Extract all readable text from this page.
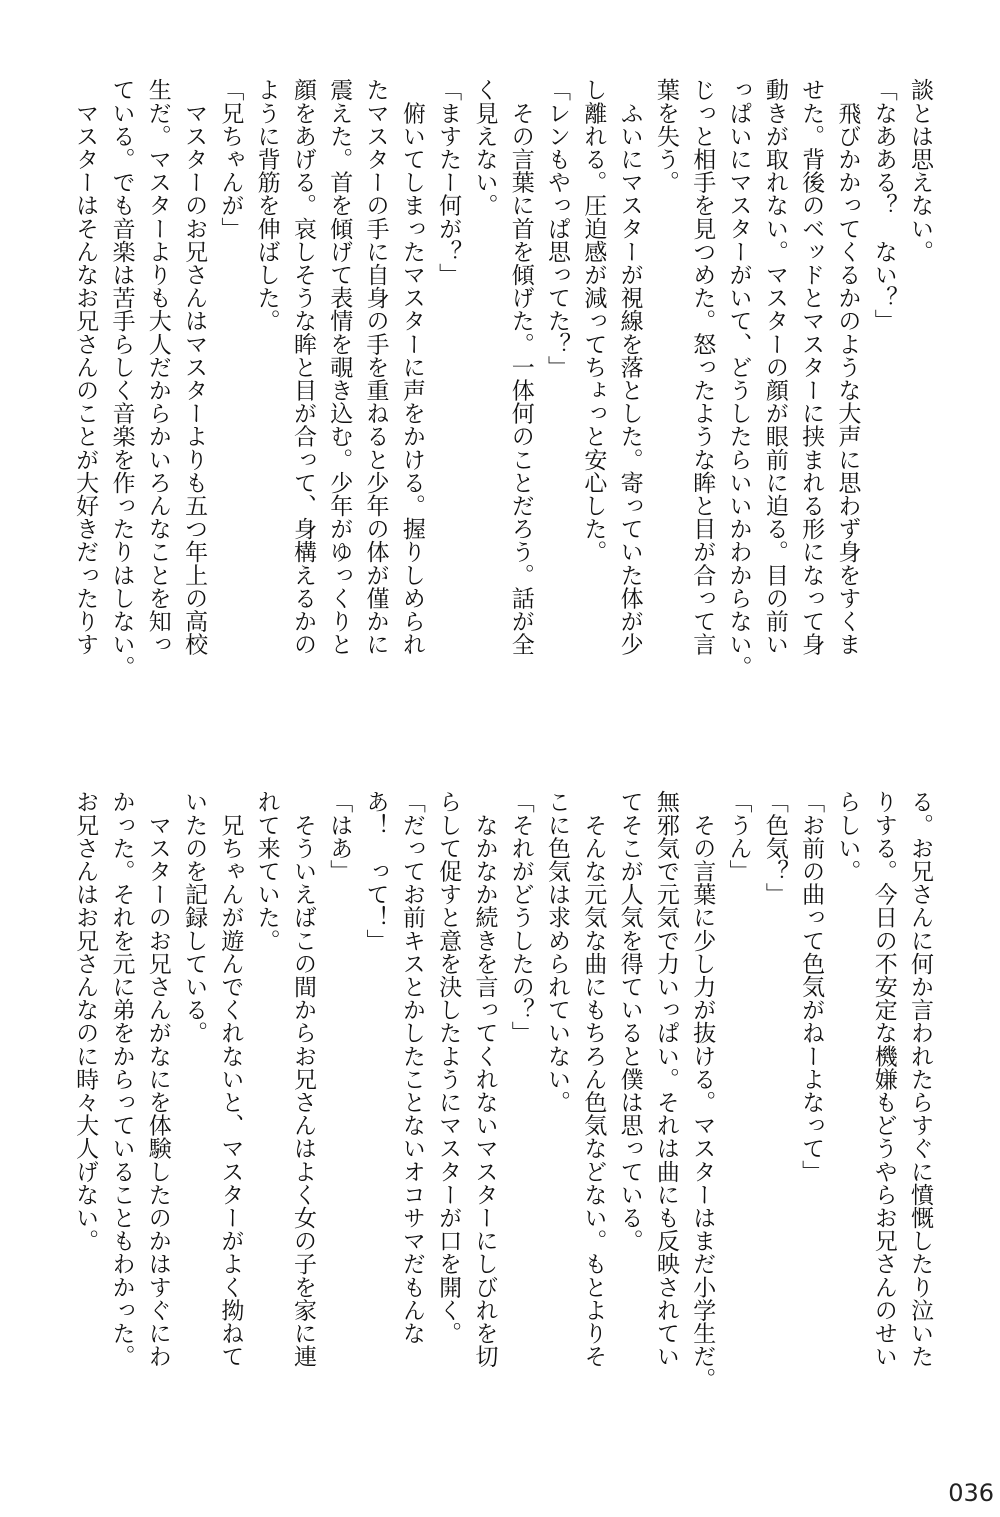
談とは思えない。

「なあある？　ない？」

　飛びかかってくるかのような大声に思わず身をすくま

せた。背後のベッドとマスターに挟まれる形になって身

動きが取れない。マスターの顔が眼前に迫る。目の前い

っぱいにマスターがいて、どうしたらいいかわからない。

じっと相手を見つめた。怒ったような眸と目が合って言

葉を失う。

　ふいにマスターが視線を落とした。寄っていた体が少

し離れる。圧迫感が減ってちょっと安心した。

「レンもやっぱ思ってた？」

　その言葉に首を傾げた。一体何のことだろう。話が全

く見えない。

「ますたー何が？」

　俯いてしまったマスターに声をかける。握りしめられ

たマスターの手に自身の手を重ねると少年の体が僅かに

震えた。首を傾げて表情を覗き込む。少年がゆっくりと

顔をあげる。哀しそうな眸と目が合って、身構えるかの

ように背筋を伸ばした。

「兄ちゃんが」

　マスターのお兄さんはマスターよりも五つ年上の高校

生だ。マスターよりも大人だからかいろんなことを知っ

ている。でも音楽は苦手らしく音楽を作ったりはしない。

　マスターはそんなお兄さんのことが大好きだったりす

る。お兄さんに何か言われたらすぐに憤慨したり泣いた

りする。今日の不安定な機嫌もどうやらお兄さんのせい

らしい。

「お前の曲って色気がねーよなって」

「色気？」

「うん」

　その言葉に少し力が抜ける。マスターはまだ小学生だ。

無邪気で元気で力いっぱい。それは曲にも反映されてい

てそこが人気を得ていると僕は思っている。

　そんな元気な曲にもちろん色気などない。もとよりそ

こに色気は求められていない。

「それがどうしたの？」

　なかなか続きを言ってくれないマスターにしびれを切

らして促すと意を決したようにマスターが口を開く。

「だってお前キスとかしたことないオコサマだもんな

あ！　って！」

「はあ」

　そういえばこの間からお兄さんはよく女の子を家に連

れて来ていた。

　兄ちゃんが遊んでくれないと、マスターがよく拗ねて

いたのを記録している。

　マスターのお兄さんがなにを体験したのかはすぐにわ

かった。それを元に弟をからっていることもわかった。

お兄さんはお兄さんなのに時々大人げない。

036
